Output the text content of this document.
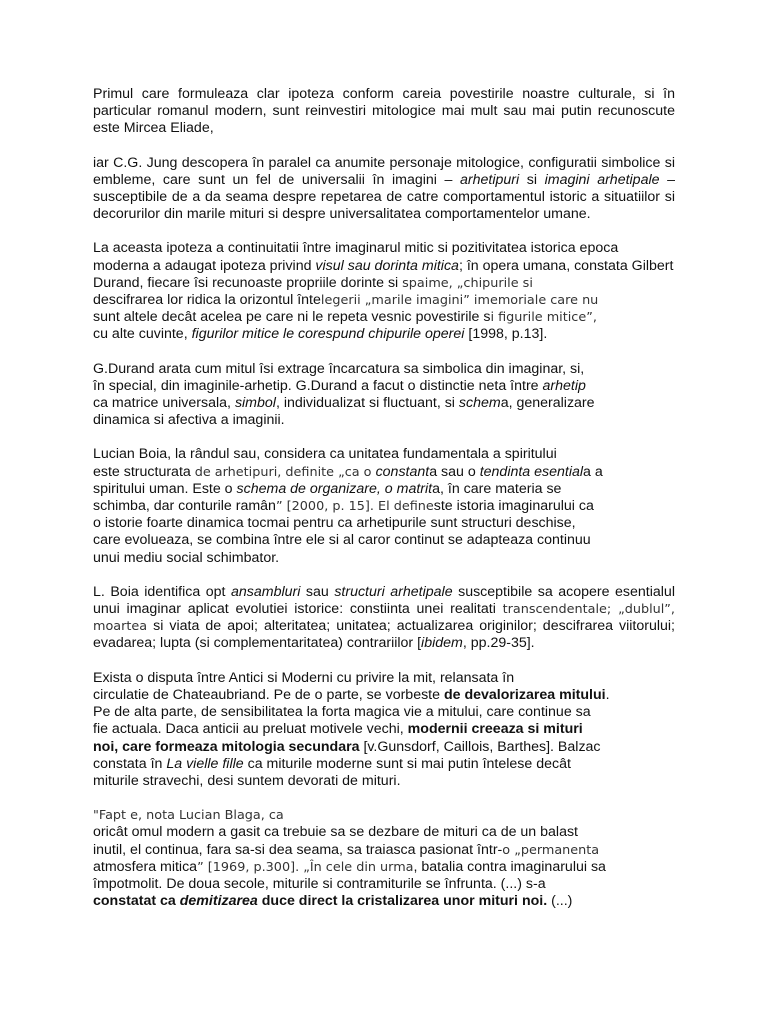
Primul care formuleaza clar ipoteza conform careia povestirile noastre culturale, si în particular romanul modern, sunt reinvestiri mitologice mai mult sau mai putin recunoscute este Mircea Eliade,

iar C.G. Jung descopera în paralel ca anumite personaje mitologice, configuratii simbolice si embleme, care sunt un fel de universalii în imagini – arhetipuri si imagini arhetipale – susceptibile de a da seama despre repetarea de catre comportamentul istoric a situatiilor si decorurilor din marile mituri si despre universalitatea comportamentelor umane.

La aceasta ipoteza a continuitatii între imaginarul mitic si pozitivitatea istorica epoca moderna a adaugat ipoteza privind visul sau dorinta mitica; în opera umana, constata Gilbert Durand, fiecare îsi recunoaste propriile dorinte si spaime, „chipurile si
descifrarea lor ridica la orizontul întelegerii „marile imagini” imemoriale care nu
sunt altele decât acelea pe care ni le repeta vesnic povestirile si figurile mitice”,
cu alte cuvinte, figurilor mitice le corespund chipurile operei [1998, p.13].

G.Durand arata cum mitul îsi extrage încarcatura sa simbolica din imaginar, si,
în special, din imaginile-arhetip. G.Durand a facut o distinctie neta între arhetip
ca matrice universala, simbol, individualizat si fluctuant, si schema, generalizare
dinamica si afectiva a imaginii.

Lucian Boia, la rândul sau, considera ca unitatea fundamentala a spiritului
este structurata de arhetipuri, definite „ca o constanta sau o tendinta esentiala a
spiritului uman. Este o schema de organizare, o matrita, în care materia se
schimba, dar conturile ramân” [2000, p. 15]. El defineste istoria imaginarului ca
o istorie foarte dinamica tocmai pentru ca arhetipurile sunt structuri deschise,
care evolueaza, se combina între ele si al caror continut se adapteaza continuu
unui mediu social schimbator.

L. Boia identifica opt ansambluri sau structuri arhetipale susceptibile sa acopere esentialul unui imaginar aplicat evolutiei istorice: constiinta unei realitati transcendentale; „dublul”, moartea si viata de apoi; alteritatea; unitatea; actualizarea originilor; descifrarea viitorului; evadarea; lupta (si complementaritatea) contrariilor [ibidem, pp.29-35].

Exista o disputa între Antici si Moderni cu privire la mit, relansata în
circulatie de Chateaubriand. Pe de o parte, se vorbeste de devalorizarea mitului.
Pe de alta parte, de sensibilitatea la forta magica vie a mitului, care continue sa
fie actuala. Daca anticii au preluat motivele vechi, modernii creeaza si mituri
noi, care formeaza mitologia secundara [v.Gunsdorf, Caillois, Barthes]. Balzac
constata în La vielle fille ca miturile moderne sunt si mai putin întelese decât
miturile stravechi, desi suntem devorati de mituri.

"Fapt e, nota Lucian Blaga, ca
oricât omul modern a gasit ca trebuie sa se dezbare de mituri ca de un balast
inutil, el continua, fara sa-si dea seama, sa traiasca pasionat într-o „permanenta
atmosfera mitica” [1969, p.300]. „În cele din urma, batalia contra imaginarului sa
împotmolit. De doua secole, miturile si contramiturile se înfrunta. (...) s-a
constatat ca demitizarea duce direct la cristalizarea unor mituri noi. (...)
